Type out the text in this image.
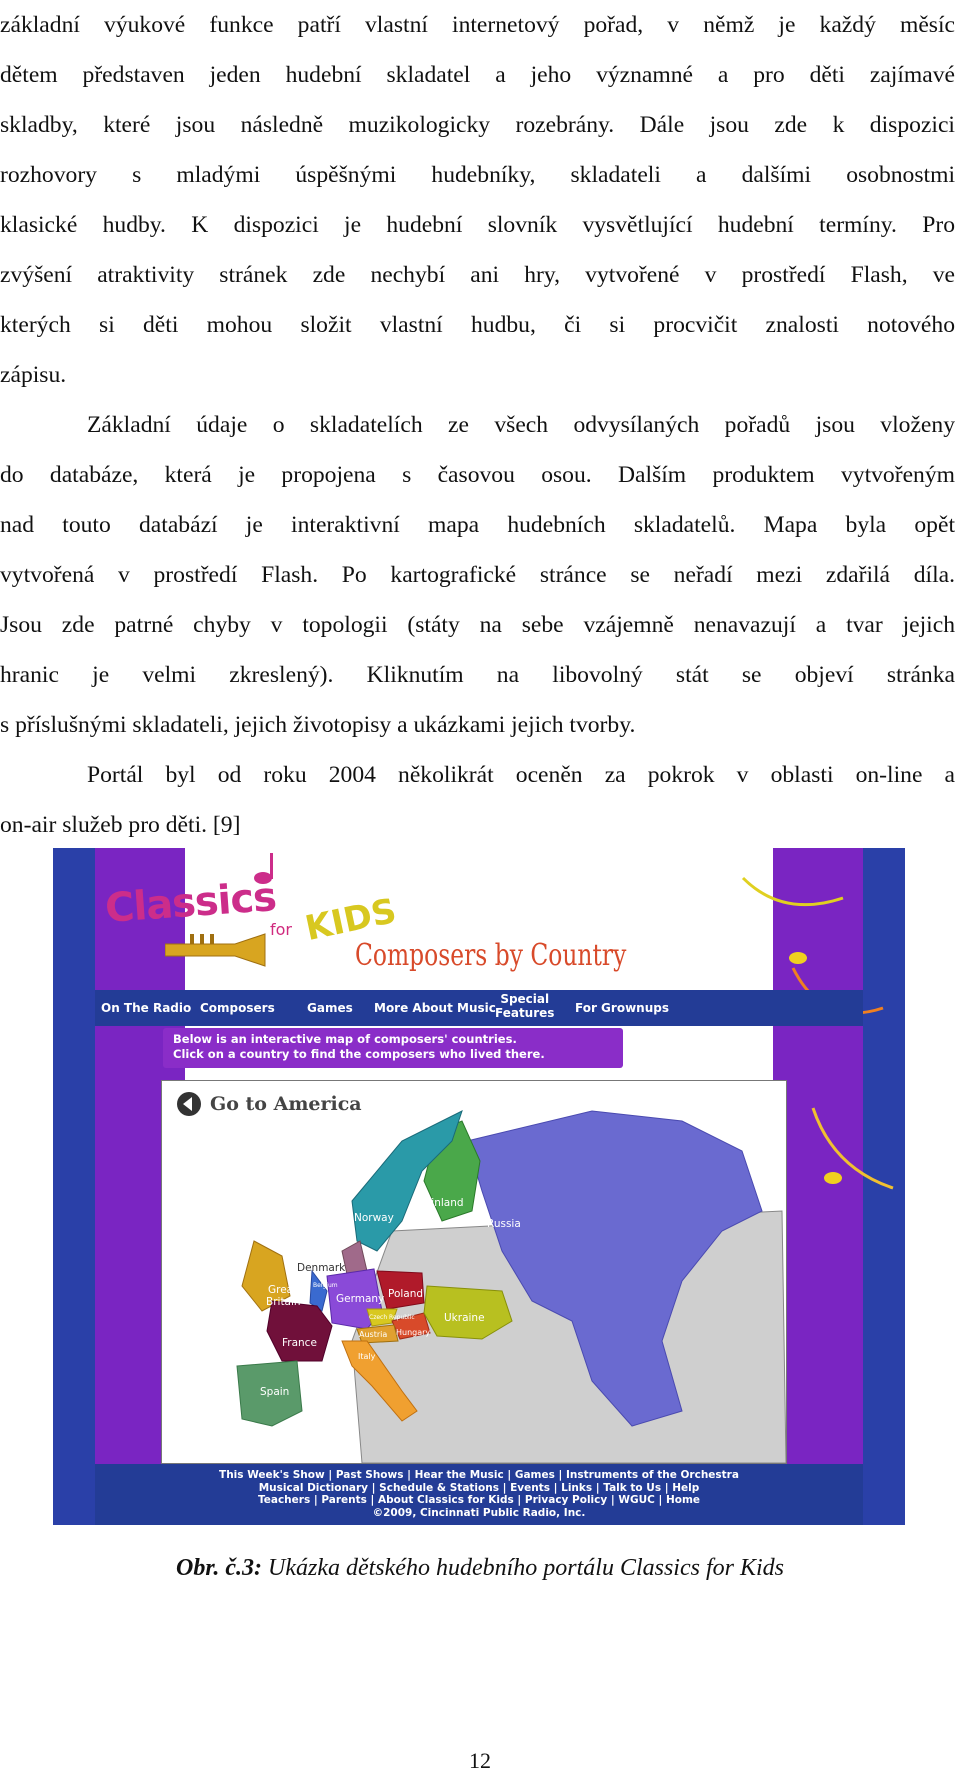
základní výukové funkce patří vlastní internetový pořad, v němž je každý měsíc
dětem představen jeden hudební skladatel a jeho významné a pro děti zajímavé
skladby, které jsou následně muzikologicky rozebrány. Dále jsou zde k dispozici
rozhovory s mladými úspěšnými hudebníky, skladateli a dalšími osobnostmi
klasické hudby. K dispozici je hudební slovník vysvětlující hudební termíny. Pro
zvýšení atraktivity stránek zde nechybí ani hry, vytvořené v prostředí Flash, ve
kterých si děti mohou složit vlastní hudbu, či si procvičit znalosti notového
zápisu.
Základní údaje o skladatelích ze všech odvysílaných pořadů jsou vloženy
do databáze, která je propojena s časovou osou. Dalším produktem vytvořeným
nad touto databází je interaktivní mapa hudebních skladatelů. Mapa byla opět
vytvořená v prostředí Flash. Po kartografické stránce se neřadí mezi zdařilá díla.
Jsou zde patrné chyby v topologii (státy na sebe vzájemně nenavazují a tvar jejich
hranic je velmi zkreslený). Kliknutím na libovolný stát se objeví stránka
s příslušnými skladateli, jejich životopisy a ukázkami jejich tvorby.
Portál byl od roku 2004 několikrát oceněn za pokrok v oblasti on-line a
on-air služeb pro děti. [9]
Classics
for KIDS
Composers by Country
On The Radio Composers	Games More About Music
Special
Features For Grownups
Below is an interactive map of composers' countries.
Click on a country to find the composers who lived there.
Russia
Finland
Norway
Denmark
Great
Britain	Germany Poland
Ukraine
France
Austria Hungary
Czech Republic
Belgium
Italy
Spain
Go to America
This Week's Show | Past Shows | Hear the Music | Games | Instruments of the Orchestra
Musical Dictionary | Schedule & Stations | Events | Links | Talk to Us | Help
Teachers | Parents | About Classics for Kids | Privacy Policy | WGUC | Home
©2009, Cincinnati Public Radio, Inc.
Obr. č.3: Ukázka dětského hudebního portálu Classics for Kids
12
